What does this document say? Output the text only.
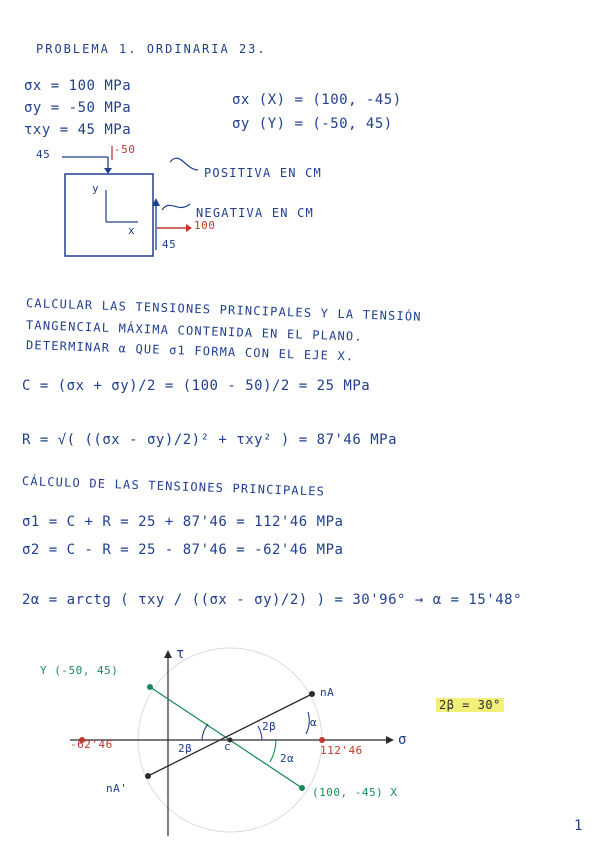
PROBLEMA 1. ORDINARIA 23.
σx = 100 MPa
σy = -50 MPa
τxy = 45 MPa
σx (X) = (100, -45)
σy (Y) = (-50, 45)
45	-50
100
45
y
x
POSITIVA EN CM
NEGATIVA EN CM
CALCULAR LAS TENSIONES PRINCIPALES Y LA TENSIÓN
TANGENCIAL MÁXIMA CONTENIDA EN EL PLANO.
DETERMINAR α QUE σ1 FORMA CON EL EJE X.
C = (σx + σy)/2 = (100 - 50)/2 = 25 MPa
R = √( ((σx - σy)/2)² + τxy² ) = 87'46 MPa
CÁLCULO DE LAS TENSIONES PRINCIPALES
σ1 = C + R = 25 + 87'46 = 112'46 MPa
σ2 = C - R = 25 - 87'46 = -62'46 MPa
2α = arctg ( τxy / ((σx - σy)/2) ) = 30'96° → α = 15'48°
τ
σ
c
-62'46	112'46
Y (-50, 45)
(100, -45) X
nA
nA'
2β
2β
2α
α
2β = 30°
1
